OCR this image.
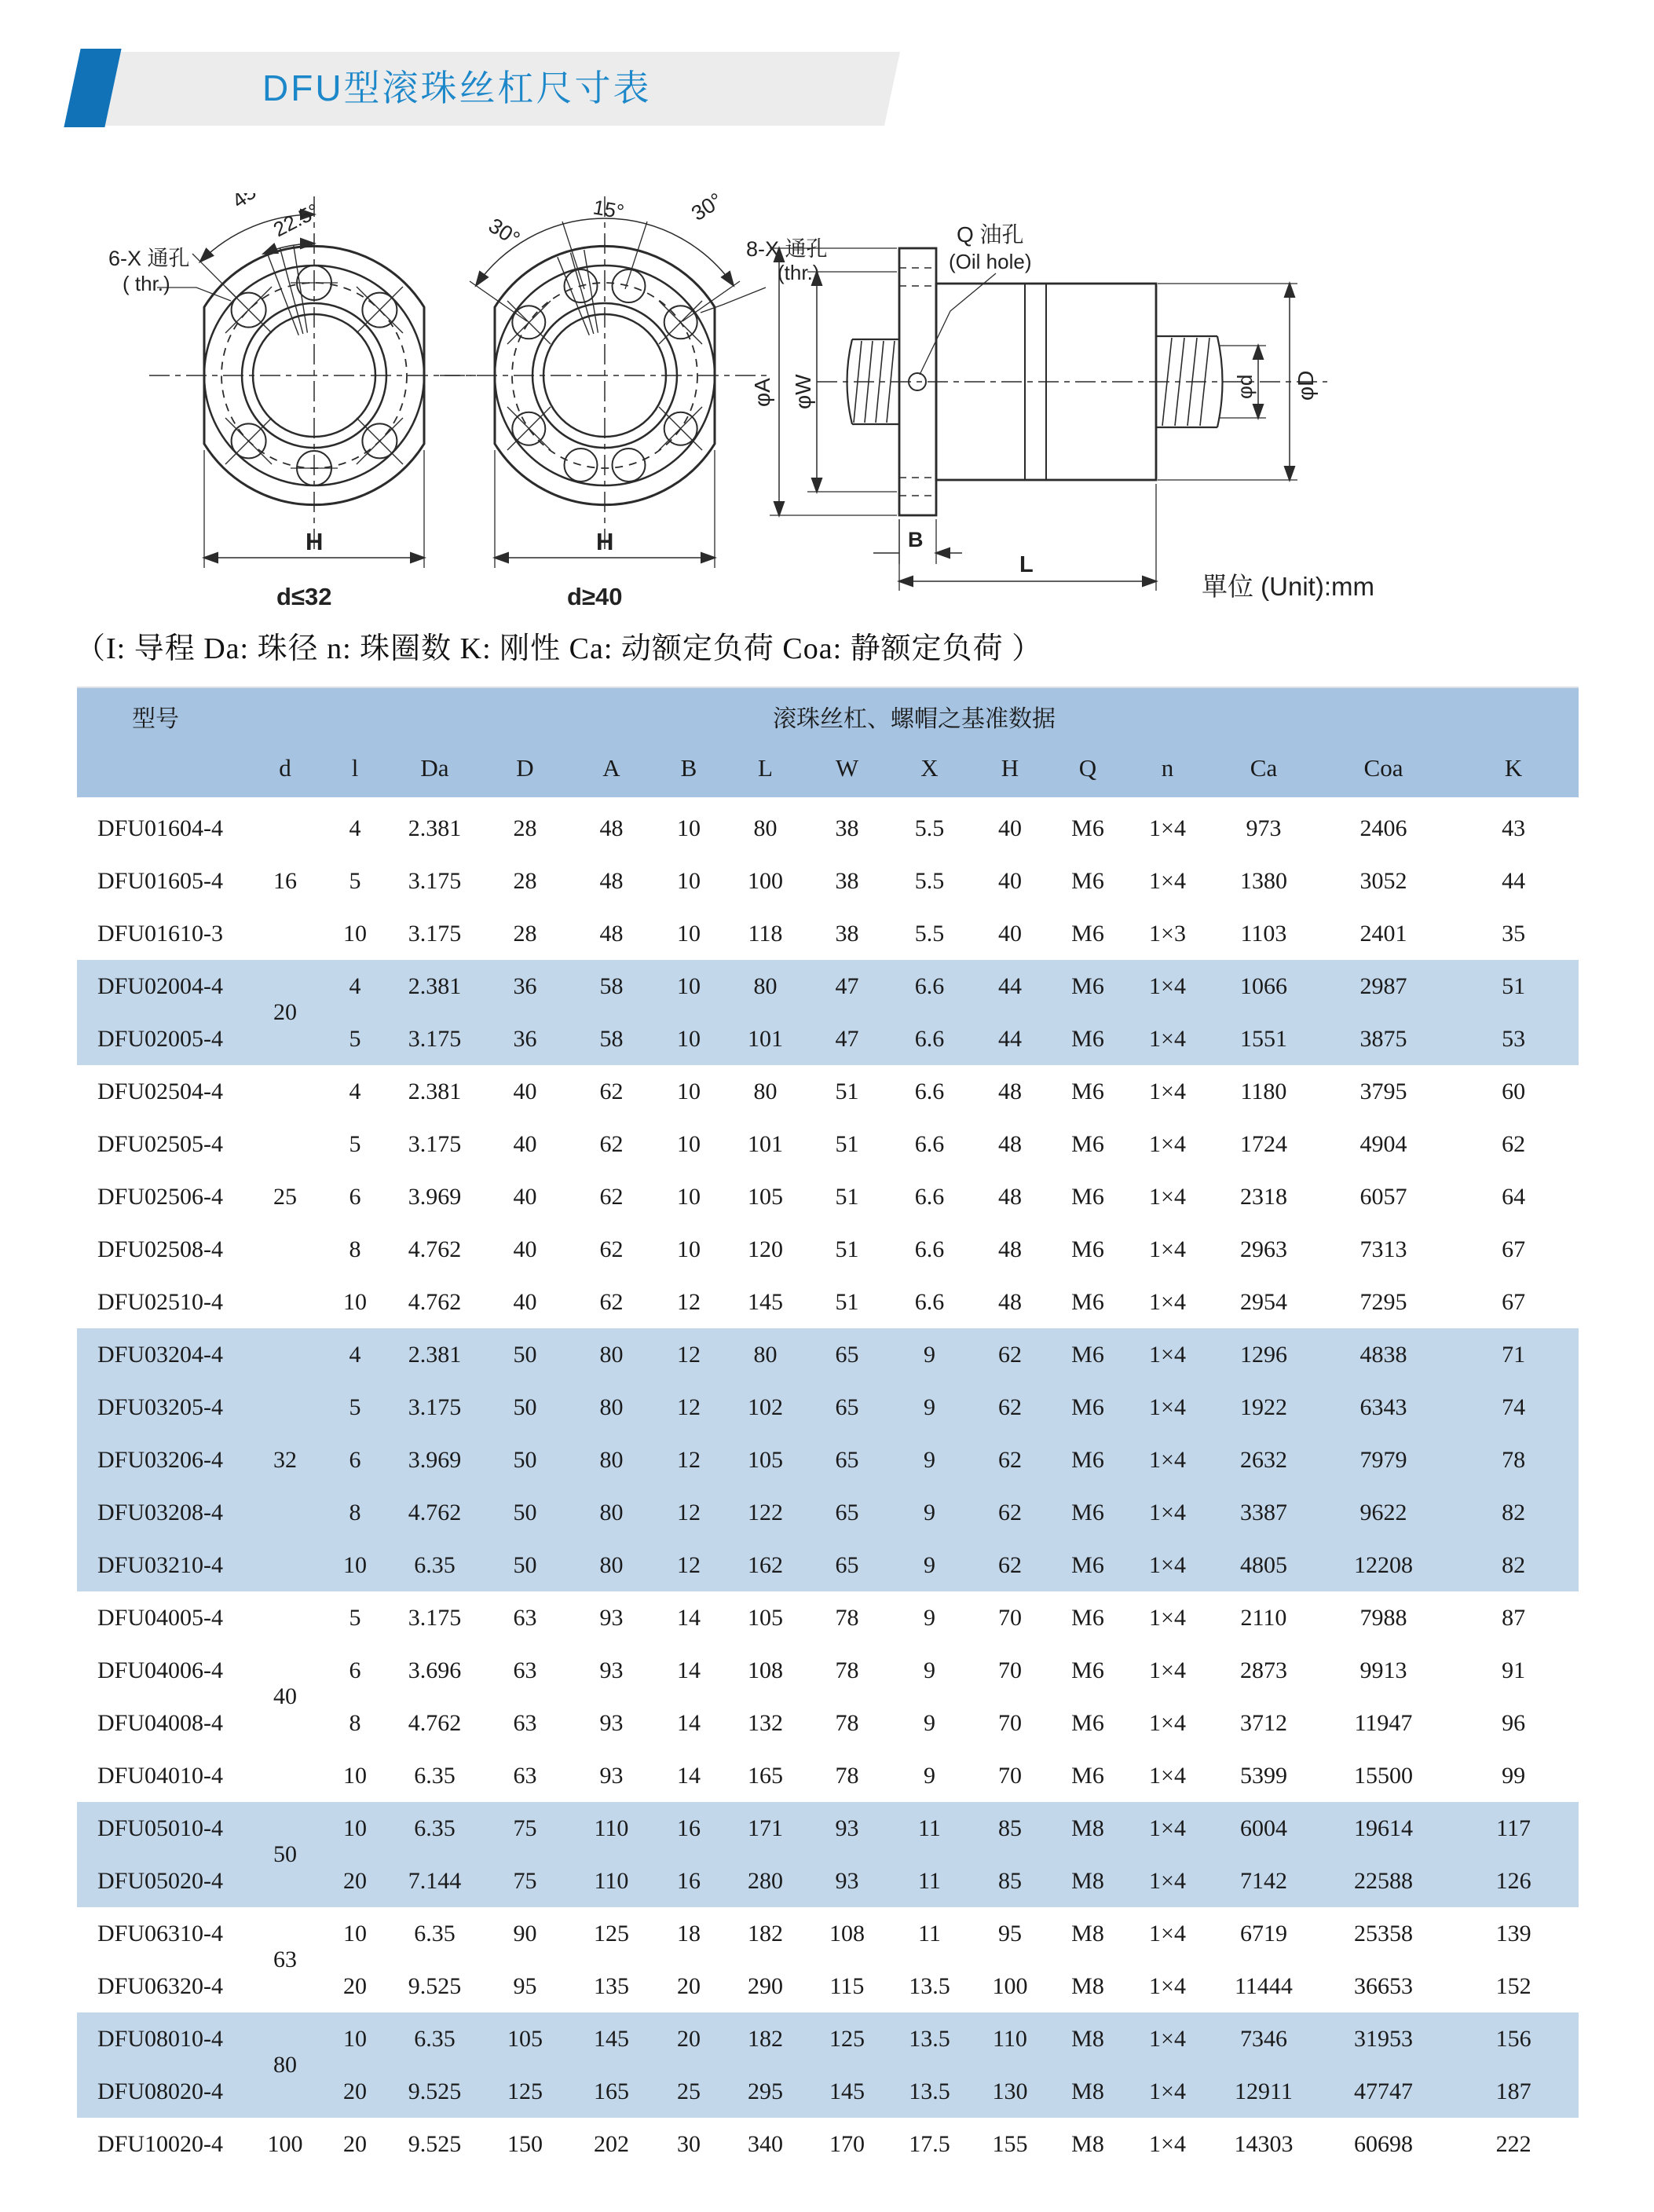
DFU型滚珠丝杠尺寸表
45°
22.5°
6-X 通孔
( thr.)
H
d≤32
30°
15°	30°
8-X 通孔
(thr.)
H
d≥40
Q 油孔
(Oil hole)
φA φW	φd φD
B
L
單位 (Unit):mm

（I: 导程 Da: 珠径 n: 珠圈数 K: 刚性 Ca: 动额定负荷 Coa: 静额定负荷 ）

型号	滚珠丝杠、螺帽之基准数据														
	d	l	Da	D	A	B	L	W	X	H	Q	n	Ca	Coa	K
DFU01604-4	16	4	2.381	28	48	10	80	38	5.5	40	M6	1×4	973	2406	43
DFU01605-4		5	3.175	28	48	10	100	38	5.5	40	M6	1×4	1380	3052	44
DFU01610-3		10	3.175	28	48	10	118	38	5.5	40	M6	1×3	1103	2401	35
DFU02004-4	20	4	2.381	36	58	10	80	47	6.6	44	M6	1×4	1066	2987	51
DFU02005-4		5	3.175	36	58	10	101	47	6.6	44	M6	1×4	1551	3875	53
DFU02504-4	25	4	2.381	40	62	10	80	51	6.6	48	M6	1×4	1180	3795	60
DFU02505-4		5	3.175	40	62	10	101	51	6.6	48	M6	1×4	1724	4904	62
DFU02506-4		6	3.969	40	62	10	105	51	6.6	48	M6	1×4	2318	6057	64
DFU02508-4		8	4.762	40	62	10	120	51	6.6	48	M6	1×4	2963	7313	67
DFU02510-4		10	4.762	40	62	12	145	51	6.6	48	M6	1×4	2954	7295	67
DFU03204-4	32	4	2.381	50	80	12	80	65	9	62	M6	1×4	1296	4838	71
DFU03205-4		5	3.175	50	80	12	102	65	9	62	M6	1×4	1922	6343	74
DFU03206-4		6	3.969	50	80	12	105	65	9	62	M6	1×4	2632	7979	78
DFU03208-4		8	4.762	50	80	12	122	65	9	62	M6	1×4	3387	9622	82
DFU03210-4		10	6.35	50	80	12	162	65	9	62	M6	1×4	4805	12208	82
DFU04005-4	40	5	3.175	63	93	14	105	78	9	70	M6	1×4	2110	7988	87
DFU04006-4		6	3.696	63	93	14	108	78	9	70	M6	1×4	2873	9913	91
DFU04008-4		8	4.762	63	93	14	132	78	9	70	M6	1×4	3712	11947	96
DFU04010-4		10	6.35	63	93	14	165	78	9	70	M6	1×4	5399	15500	99
DFU05010-4	50	10	6.35	75	110	16	171	93	11	85	M8	1×4	6004	19614	117
DFU05020-4		20	7.144	75	110	16	280	93	11	85	M8	1×4	7142	22588	126
DFU06310-4	63	10	6.35	90	125	18	182	108	11	95	M8	1×4	6719	25358	139
DFU06320-4		20	9.525	95	135	20	290	115	13.5	100	M8	1×4	11444	36653	152
DFU08010-4	80	10	6.35	105	145	20	182	125	13.5	110	M8	1×4	7346	31953	156
DFU08020-4		20	9.525	125	165	25	295	145	13.5	130	M8	1×4	12911	47747	187
DFU10020-4	100	20	9.525	150	202	30	340	170	17.5	155	M8	1×4	14303	60698	222
